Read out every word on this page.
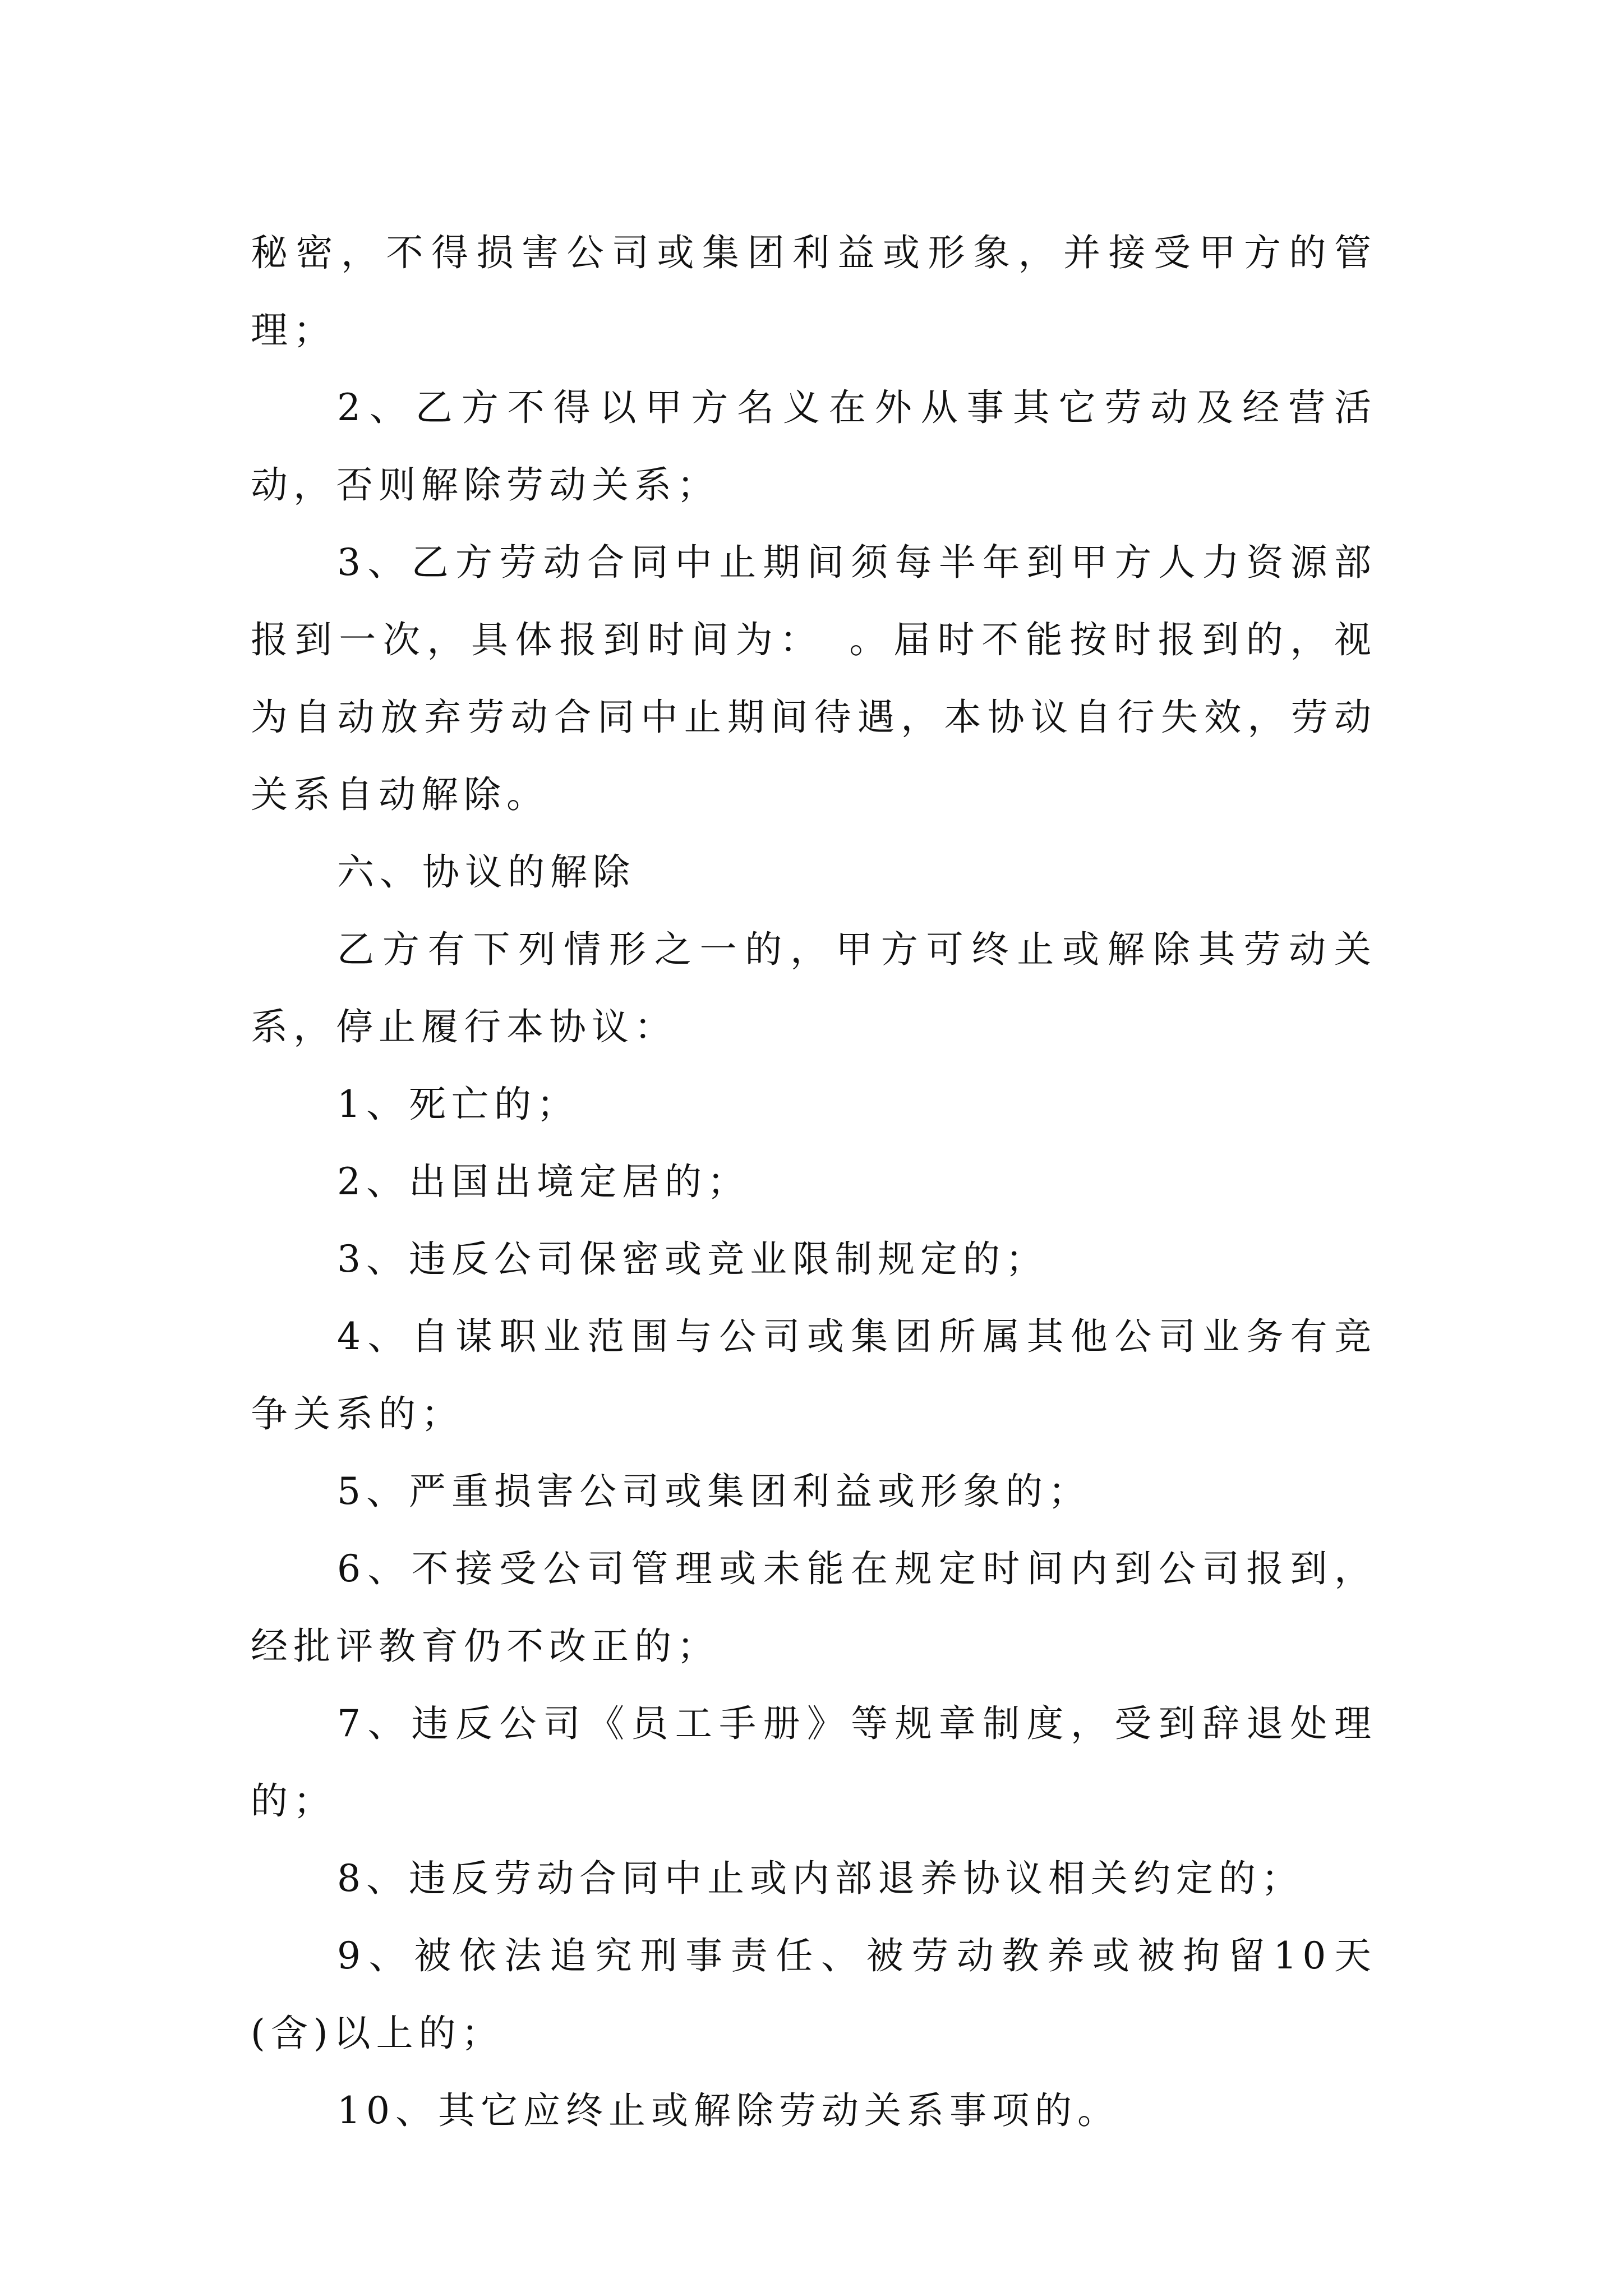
秘密，不得损害公司或集团利益或形象，并接受甲方的管理；

2、乙方不得以甲方名义在外从事其它劳动及经营活动，否则解除劳动关系；

3、乙方劳动合同中止期间须每半年到甲方人力资源部报到一次，具体报到时间为：　。届时不能按时报到的，视为自动放弃劳动合同中止期间待遇，本协议自行失效，劳动关系自动解除。

六、协议的解除

乙方有下列情形之一的，甲方可终止或解除其劳动关系，停止履行本协议：

1、死亡的；

2、出国出境定居的；

3、违反公司保密或竞业限制规定的；

4、自谋职业范围与公司或集团所属其他公司业务有竞争关系的；

5、严重损害公司或集团利益或形象的；

6、不接受公司管理或未能在规定时间内到公司报到，经批评教育仍不改正的；

7、违反公司《员工手册》等规章制度，受到辞退处理的；

8、违反劳动合同中止或内部退养协议相关约定的；

9、被依法追究刑事责任、被劳动教养或被拘留10天(含)以上的；

10、其它应终止或解除劳动关系事项的。
